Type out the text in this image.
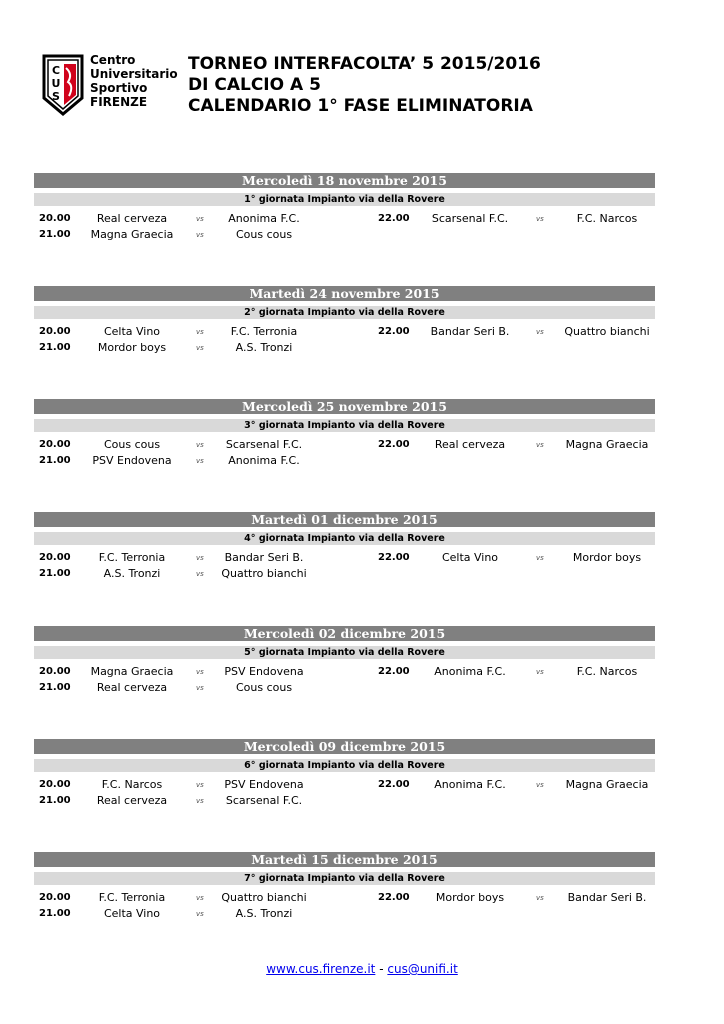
C
U
S
Centro
Universitario
Sportivo
FIRENZE
TORNEO INTERFACOLTA’ 5 2015/2016
DI CALCIO A 5
CALENDARIO 1° FASE ELIMINATORIA
Mercoledì 18 novembre 2015
1° giornata Impianto via della Rovere
20.00	Real cerveza	vs	Anonima F.C.	22.00	Scarsenal F.C.	vs	F.C. Narcos
21.00	Magna Graecia	vs	Cous cous
Martedì 24 novembre 2015
2° giornata Impianto via della Rovere
20.00	Celta Vino	vs	F.C. Terronia	22.00	Bandar Seri B.	vs	Quattro bianchi
21.00	Mordor boys	vs	A.S. Tronzi
Mercoledì 25 novembre 2015
3° giornata Impianto via della Rovere
20.00	Cous cous	vs	Scarsenal F.C.	22.00	Real cerveza	vs	Magna Graecia
21.00	PSV Endovena	vs	Anonima F.C.
Martedì 01 dicembre 2015
4° giornata Impianto via della Rovere
20.00	F.C. Terronia	vs	Bandar Seri B.	22.00	Celta Vino	vs	Mordor boys
21.00	A.S. Tronzi	vs	Quattro bianchi
Mercoledì 02 dicembre 2015
5° giornata Impianto via della Rovere
20.00	Magna Graecia	vs	PSV Endovena	22.00	Anonima F.C.	vs	F.C. Narcos
21.00	Real cerveza	vs	Cous cous
Mercoledì 09 dicembre 2015
6° giornata Impianto via della Rovere
20.00	F.C. Narcos	vs	PSV Endovena	22.00	Anonima F.C.	vs	Magna Graecia
21.00	Real cerveza	vs	Scarsenal F.C.
Martedì 15 dicembre 2015
7° giornata Impianto via della Rovere
20.00	F.C. Terronia	vs	Quattro bianchi	22.00	Mordor boys	vs	Bandar Seri B.
21.00	Celta Vino	vs	A.S. Tronzi
www.cus.firenze.it - cus@unifi.it
